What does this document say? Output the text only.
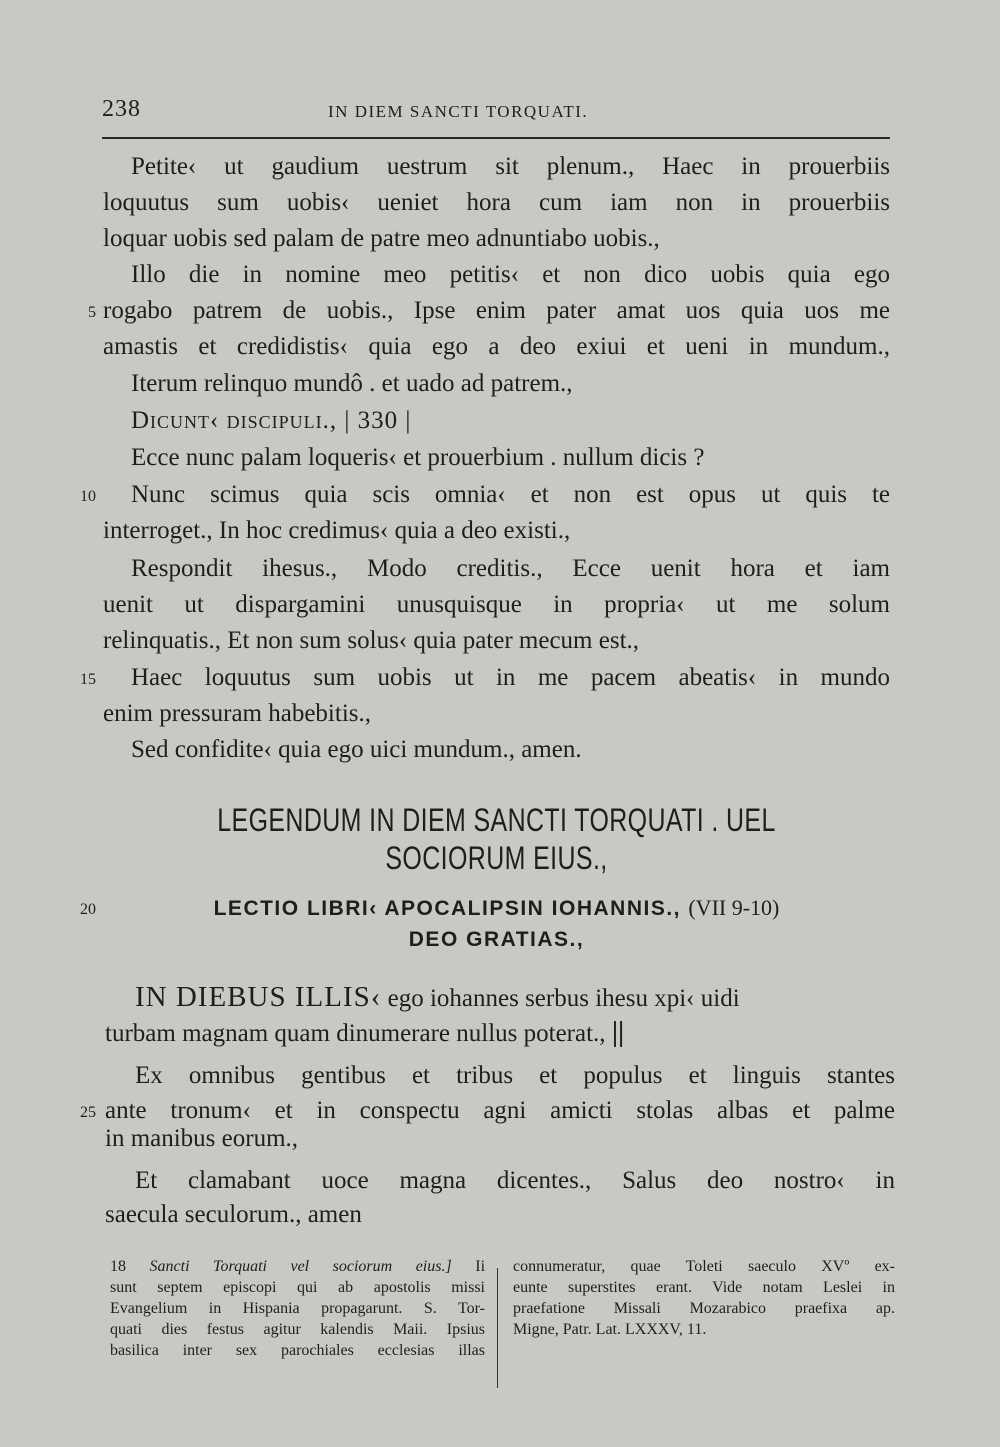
238	IN DIEM SANCTI TORQUATI.
Petite‹ ut gaudium uestrum sit plenum., Haec in prouerbiis
loquutus sum uobis‹ ueniet hora cum iam non in prouerbiis
loquar uobis sed palam de patre meo adnuntiabo uobis.,
Illo die in nomine meo petitis‹ et non dico uobis quia ego
5 rogabo patrem de uobis., Ipse enim pater amat uos quia uos me
amastis et credidistis‹ quia ego a deo exiui et ueni in mundum.,
Iterum relinquo mundô . et uado ad patrem.,
Dicunt‹ discipuli., | 330 |
Ecce nunc palam loqueris‹ et prouerbium . nullum dicis ?
10 Nunc scimus quia scis omnia‹ et non est opus ut quis te
interroget., In hoc credimus‹ quia a deo existi.,
Respondit ihesus., Modo creditis., Ecce uenit hora et iam
uenit ut dispargamini unusquisque in propria‹ ut me solum
relinquatis., Et non sum solus‹ quia pater mecum est.,
15 Haec loquutus sum uobis ut in me pacem abeatis‹ in mundo
enim pressuram habebitis.,
Sed confidite‹ quia ego uici mundum., amen.
LEGENDUM IN DIEM SANCTI TORQUATI . UEL
SOCIORUM EIUS.,
20	LECTIO LIBRI‹ APOCALIPSIN IOHANNIS., (VII 9-10)
DEO GRATIAS.,
IN DIEBUS ILLIS‹ ego iohannes serbus ihesu xpi‹ uidi
turbam magnam quam dinumerare nullus poterat., ||
Ex omnibus gentibus et tribus et populus et linguis stantes
25 ante tronum‹ et in conspectu agni amicti stolas albas et palme
in manibus eorum.,
Et clamabant uoce magna dicentes., Salus deo nostro‹ in
saecula seculorum., amen
18 Sancti Torquati vel sociorum eius.] Ii
sunt septem episcopi qui ab apostolis missi
Evangelium in Hispania propagarunt. S. Tor-
quati dies festus agitur kalendis Maii. Ipsius
basilica inter sex parochiales ecclesias illas
connumeratur, quae Toleti saeculo XVº ex-
eunte superstites erant. Vide notam Leslei in
praefatione Missali Mozarabico praefixa ap.
Migne, Patr. Lat. LXXXV, 11.
